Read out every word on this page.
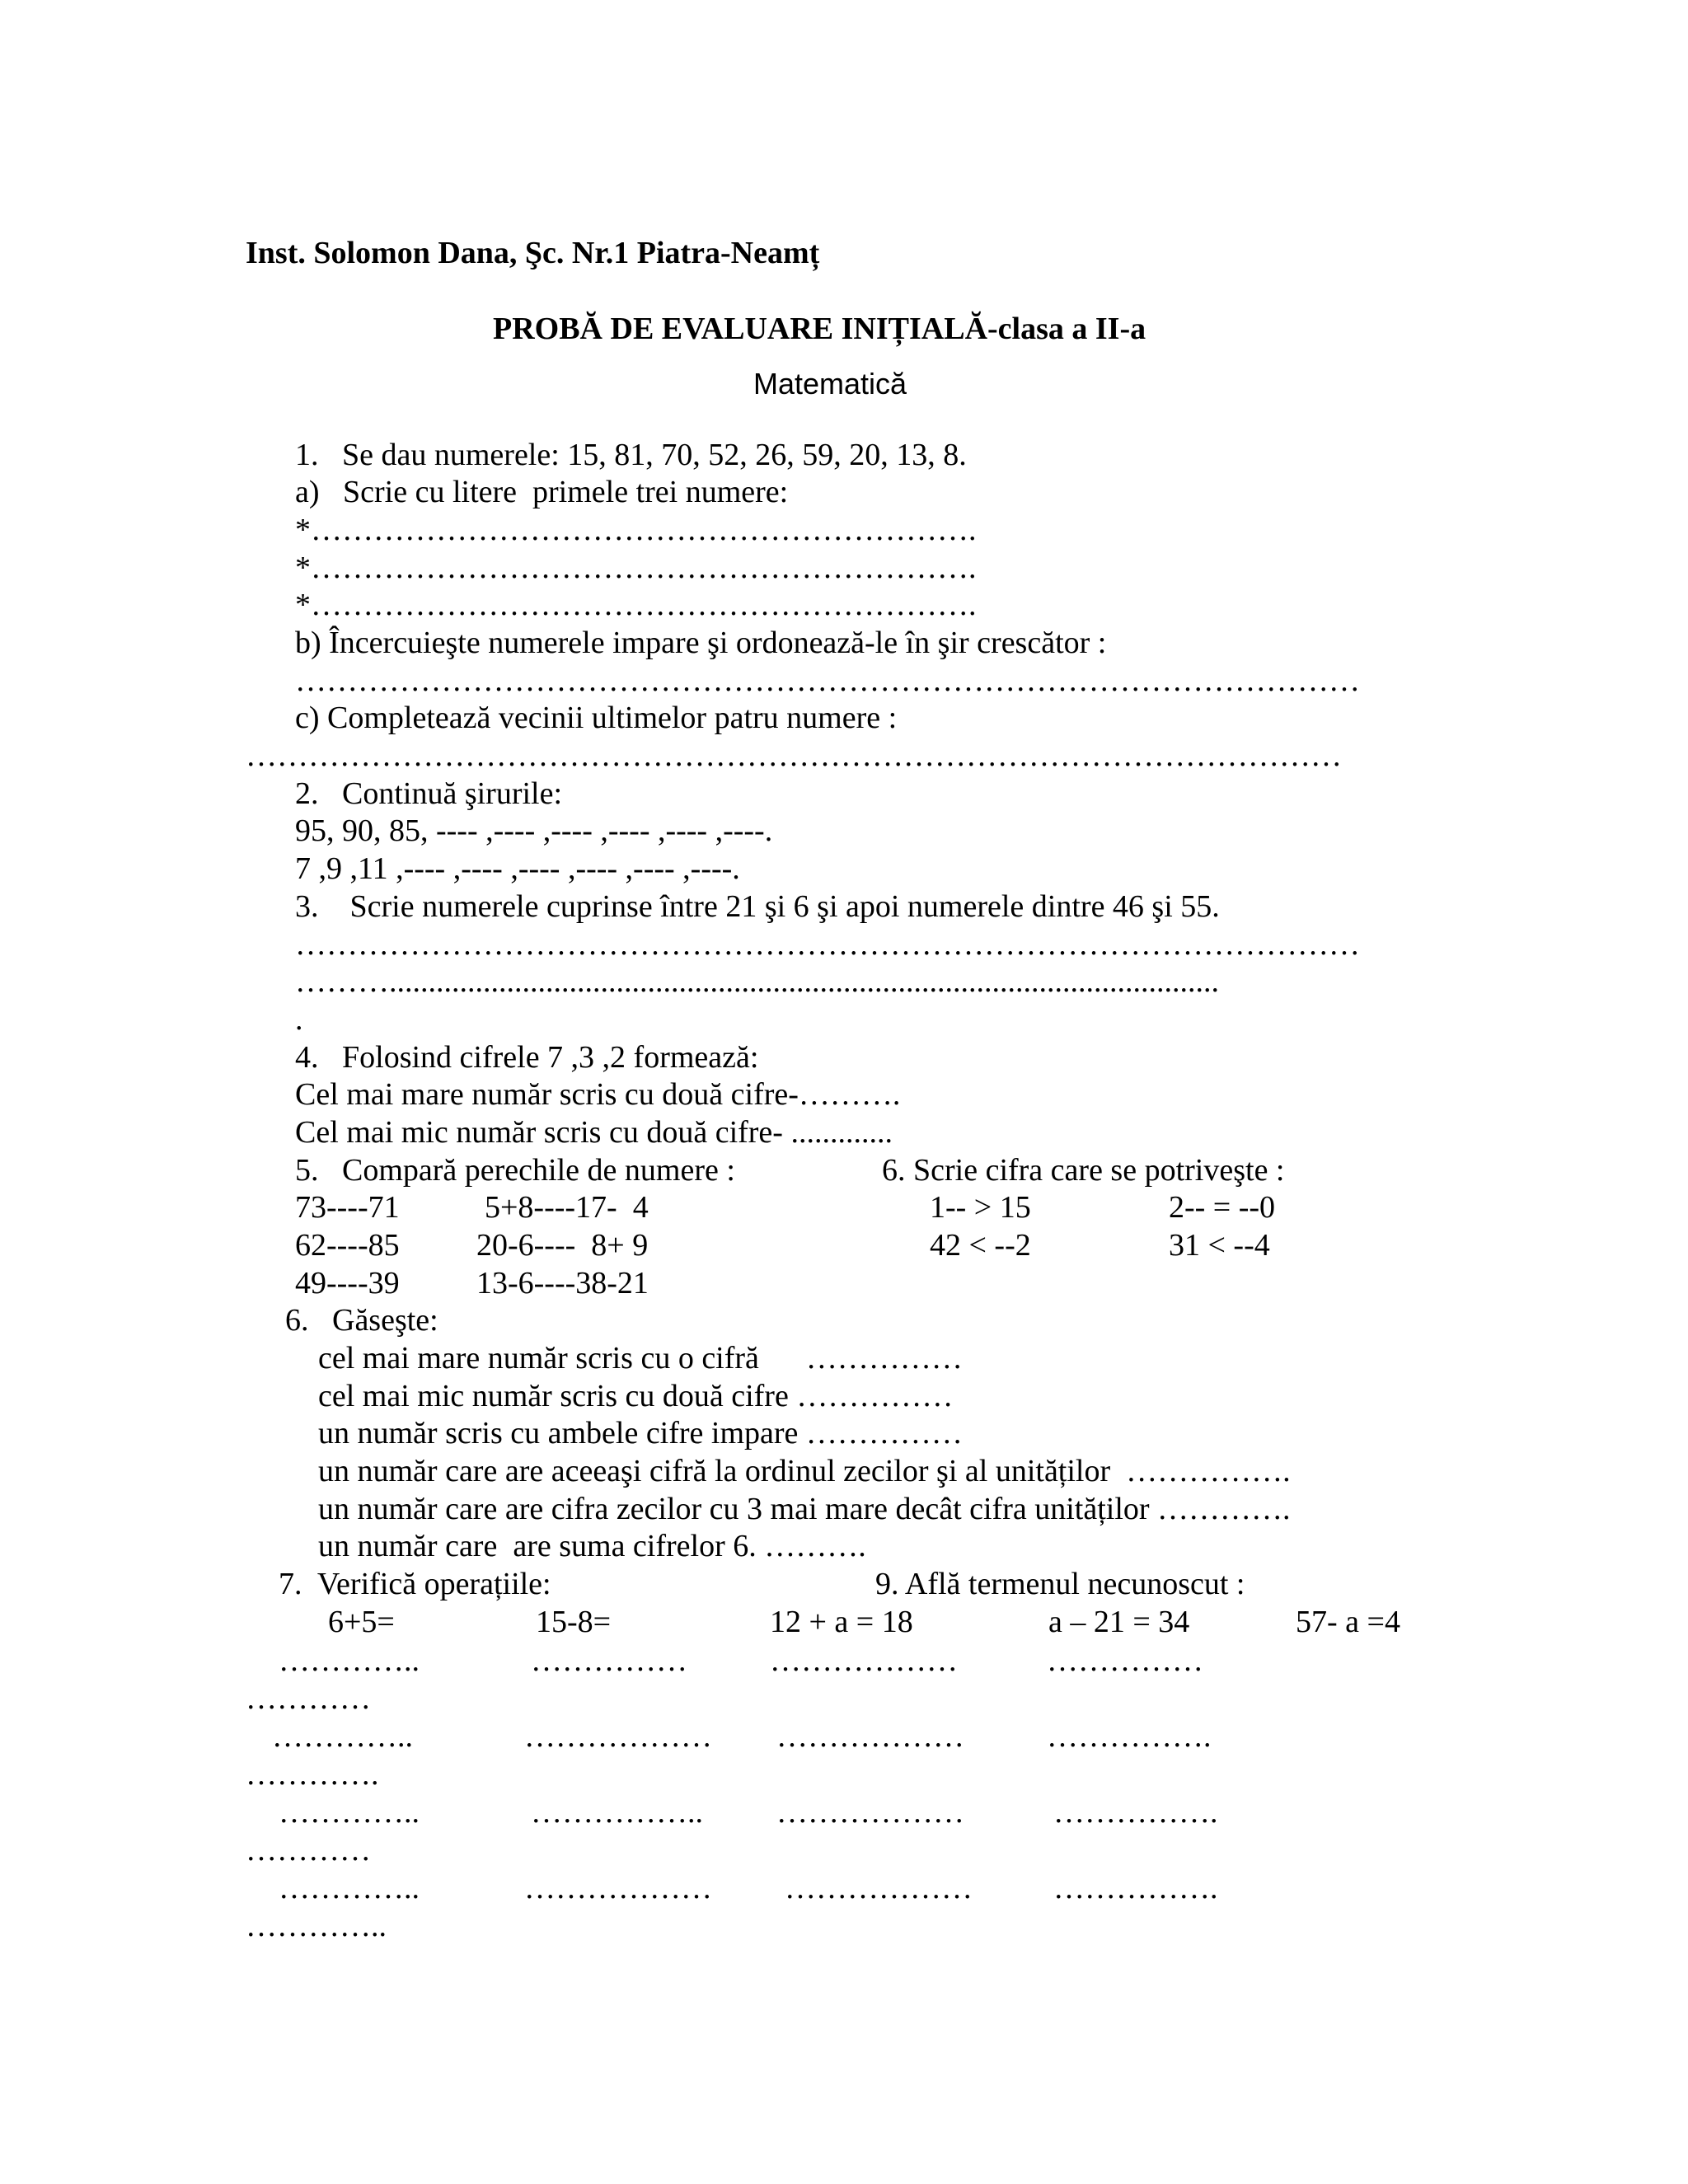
Inst. Solomon Dana, Şc. Nr.1 Piatra-Neamț
PROBĂ DE EVALUARE INIȚIALĂ-clasa a II-a
Matematică
1.   Se dau numerele: 15, 81, 70, 52, 26, 59, 20, 13, 8.
a)   Scrie cu litere  primele trei numere:
*……………………………………………………….
*……………………………………………………….
*……………………………………………………….
b) Încercuieşte numerele impare şi ordonează-le în şir crescător :
…………………………………………………………………………………………
c) Completează vecinii ultimelor patru numere :
……………………………………………………………………………………………
2.   Continuă şirurile:
95, 90, 85, ---- ,---- ,---- ,---- ,---- ,----.
7 ,9 ,11 ,---- ,---- ,---- ,---- ,---- ,----.
3.    Scrie numerele cuprinse între 21 şi 6 şi apoi numerele dintre 46 şi 55.
…………………………………………………………………………………………
………..........................................................................................................
.
4.   Folosind cifrele 7 ,3 ,2 formează:
Cel mai mare număr scris cu două cifre-……….
Cel mai mic număr scris cu două cifre- .............
5.   Compară perechile de numere :
73----71	5+8----17-  4
62----85 20-6----  8+ 9
49----39 13-6----38-21
6. Scrie cifra care se potriveşte :
1-- > 15	2-- = --0
42 < --2	31 < --4
6.   Găseşte:
cel mai mare număr scris cu o cifră      ……………
cel mai mic număr scris cu două cifre ……………
un număr scris cu ambele cifre impare ……………
un număr care are aceeaşi cifră la ordinul zecilor şi al unităților  …………….
un număr care are cifra zecilor cu 3 mai mare decât cifra unităților ………….
un număr care  are suma cifrelor 6. ……….
7.  Verifică operațiile:	9. Află termenul necunoscut :
6+5=	15-8=	12 + a = 18	a – 21 = 34	57- a =4
…………..	……………	………………	……………
…………
…………..	……………… ………………	…………….
………….
…………..	…………….. ………………	…………….
…………
…………..	……………… ………………	…………….
…………..
